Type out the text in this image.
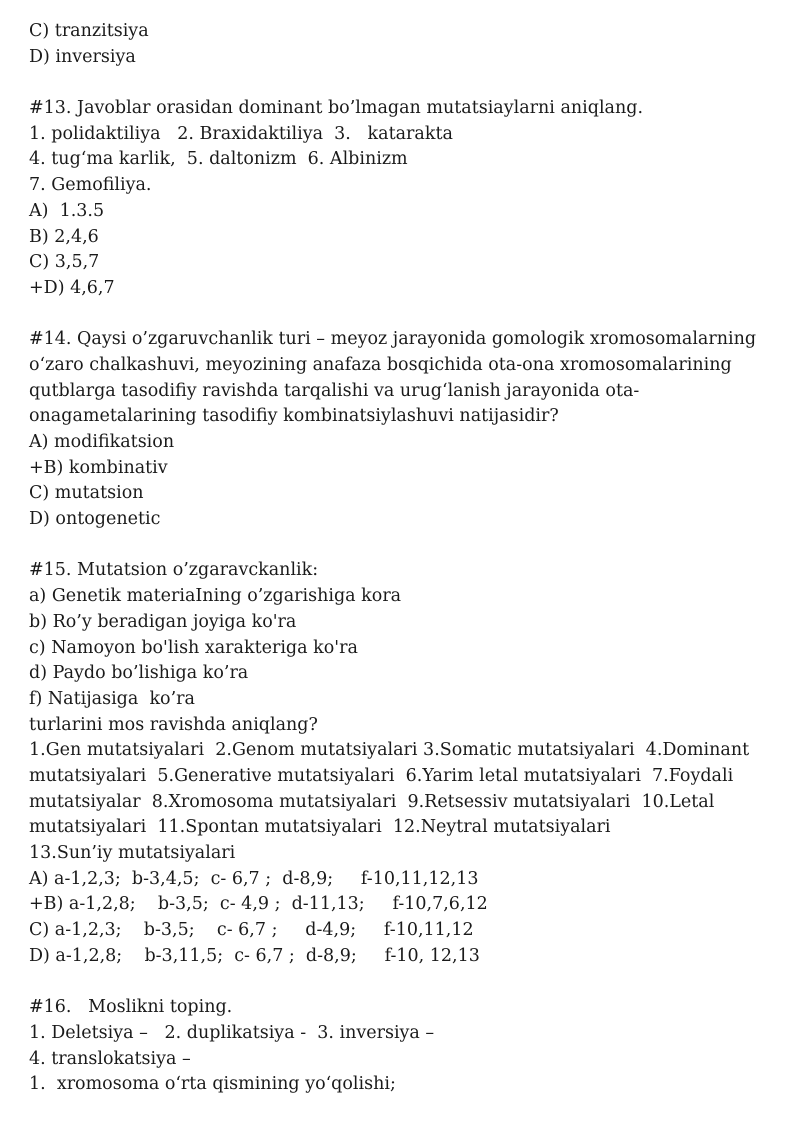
C) tranzitsiya
D) inversiya
#13. Javoblar orasidan dominant bo’lmagan mutatsiaylarni aniqlang.
1. polidaktiliya   2. Braxidaktiliya  3.   katarakta
4. tug‘ma karlik,  5. daltonizm  6. Albinizm
7. Gemofiliya.
A)  1.3.5
B) 2,4,6
C) 3,5,7
+D) 4,6,7
#14. Qaysi o’zgaruvchanlik turi – meyoz jarayonida gomologik xromosomalarning
o‘zaro chalkashuvi, meyozining anafaza bosqichida ota-ona xromosomalarining
qutblarga tasodifiy ravishda tarqalishi va urug‘lanish jarayonida ota-
onagametalarining tasodifiy kombinatsiylashuvi natijasidir?
A) modifikatsion
+B) kombinativ
C) mutatsion
D) ontogenetic
#15. Mutatsion o’zgaravckanlik:
a) Genetik materiaIning o’zgarishiga kora
b) Ro’y beradigan joyiga ko'ra
c) Namoyon bo'lish xarakteriga ko'ra
d) Paydo bo’lishiga ko’ra
f) Natijasiga  ko’ra
turlarini mos ravishda aniqlang?
1.Gen mutatsiyalari  2.Genom mutatsiyalari 3.Somatic mutatsiyalari  4.Dominant
mutatsiyalari  5.Generative mutatsiyalari  6.Yarim letal mutatsiyalari  7.Foydali
mutatsiyalar  8.Xromosoma mutatsiyalari  9.Retsessiv mutatsiyalari  10.Letal
mutatsiyalari  11.Spontan mutatsiyalari  12.Neytral mutatsiyalari
13.Sun’iy mutatsiyalari
A) a-1,2,3;  b-3,4,5;  c- 6,7 ;  d-8,9;     f-10,11,12,13
+B) a-1,2,8;    b-3,5;  c- 4,9 ;  d-11,13;     f-10,7,6,12
C) a-1,2,3;    b-3,5;    c- 6,7 ;     d-4,9;     f-10,11,12
D) a-1,2,8;    b-3,11,5;  c- 6,7 ;  d-8,9;     f-10, 12,13
#16.   Moslikni toping.
1. Deletsiya –   2. duplikatsiya -  3. inversiya –
4. translokatsiya –
1.  xromosoma o‘rta qismining yo‘qolishi;
